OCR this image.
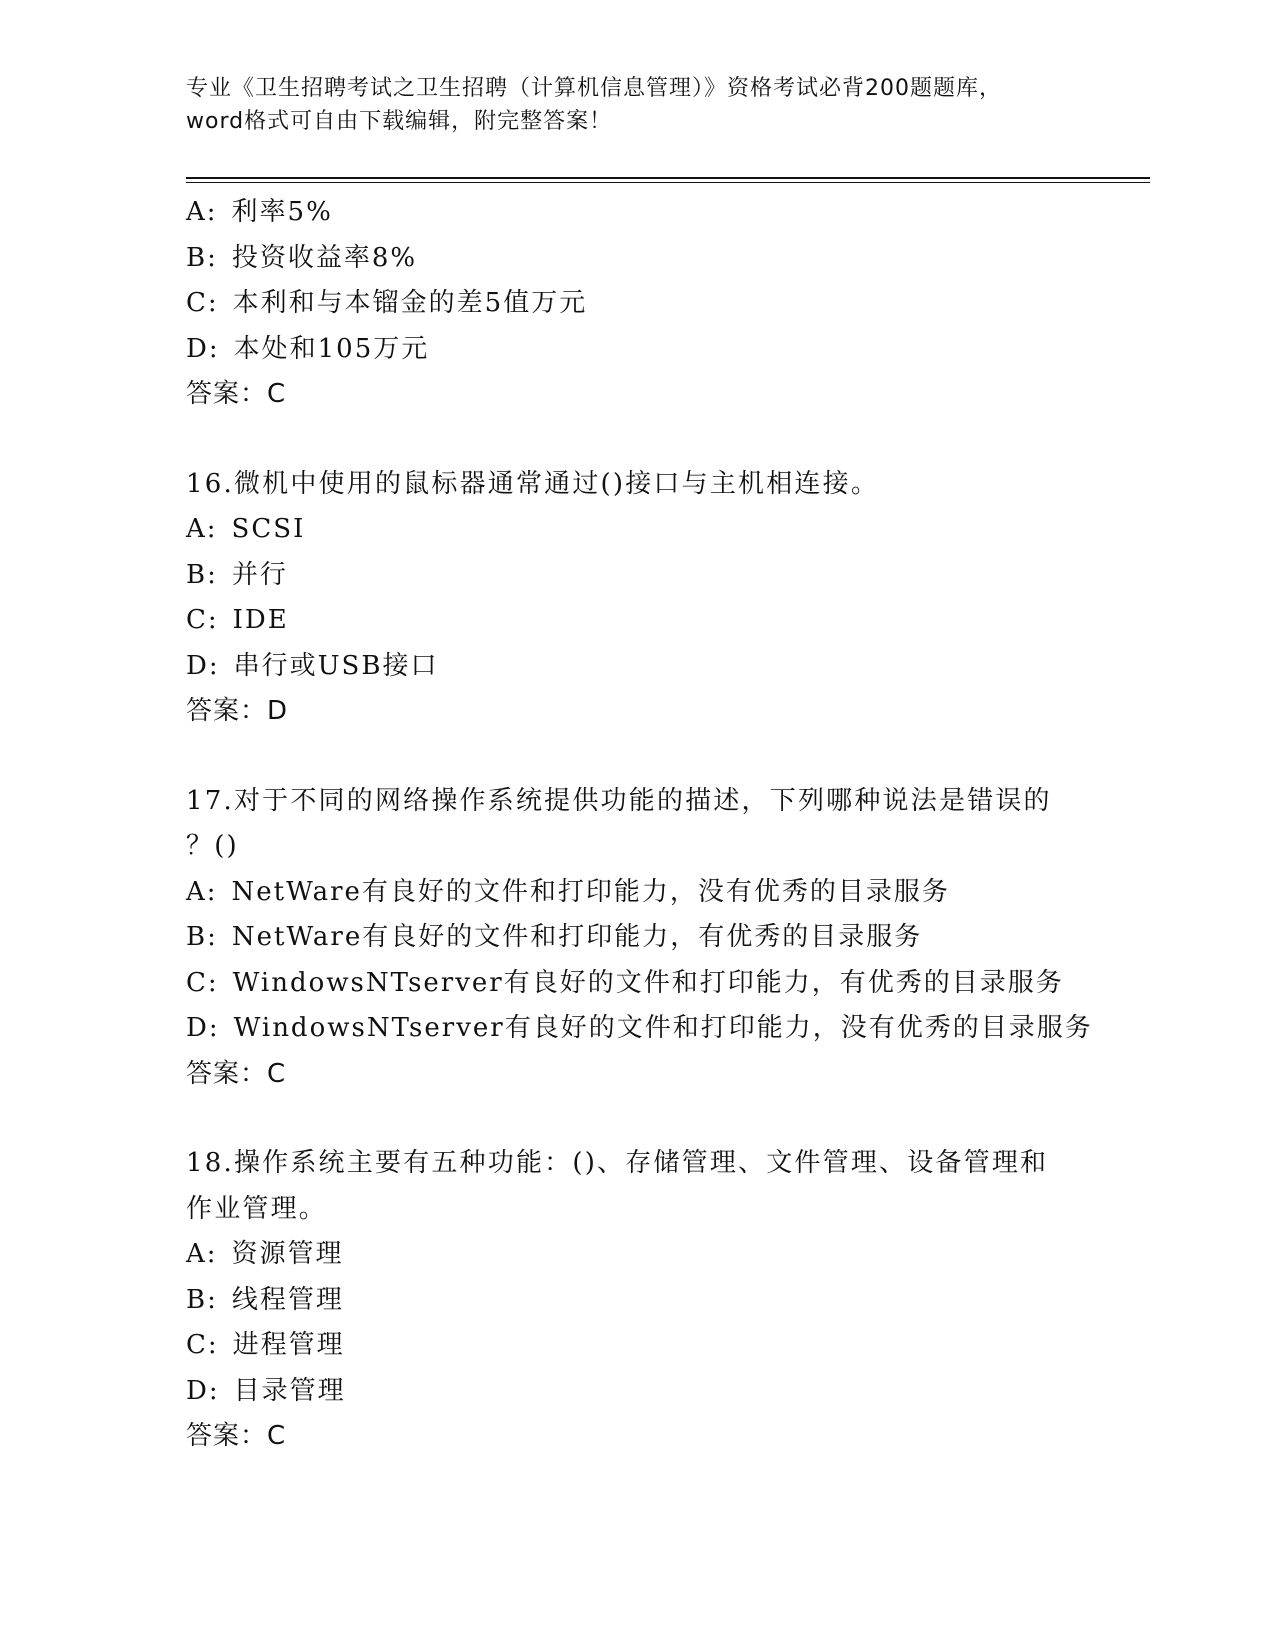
专业《卫生招聘考试之卫生招聘（计算机信息管理）》资格考试必背200题题库，
word格式可自由下载编辑，附完整答案！
A: 利率5%
B: 投资收益率8%
C: 本利和与本镏金的差5值万元
D: 本处和105万元
答案：C
16.微机中使用的鼠标器通常通过()接口与主机相连接。
A: SCSI
B: 并行
C: IDE
D: 串行或USB接口
答案：D
17.对于不同的网络操作系统提供功能的描述，下列哪种说法是错误的
？()
A: NetWare有良好的文件和打印能力，没有优秀的目录服务
B: NetWare有良好的文件和打印能力，有优秀的目录服务
C: WindowsNTserver有良好的文件和打印能力，有优秀的目录服务
D: WindowsNTserver有良好的文件和打印能力，没有优秀的目录服务
答案：C
18.操作系统主要有五种功能：()、存储管理、文件管理、设备管理和
作业管理。
A: 资源管理
B: 线程管理
C: 进程管理
D: 目录管理
答案：C
